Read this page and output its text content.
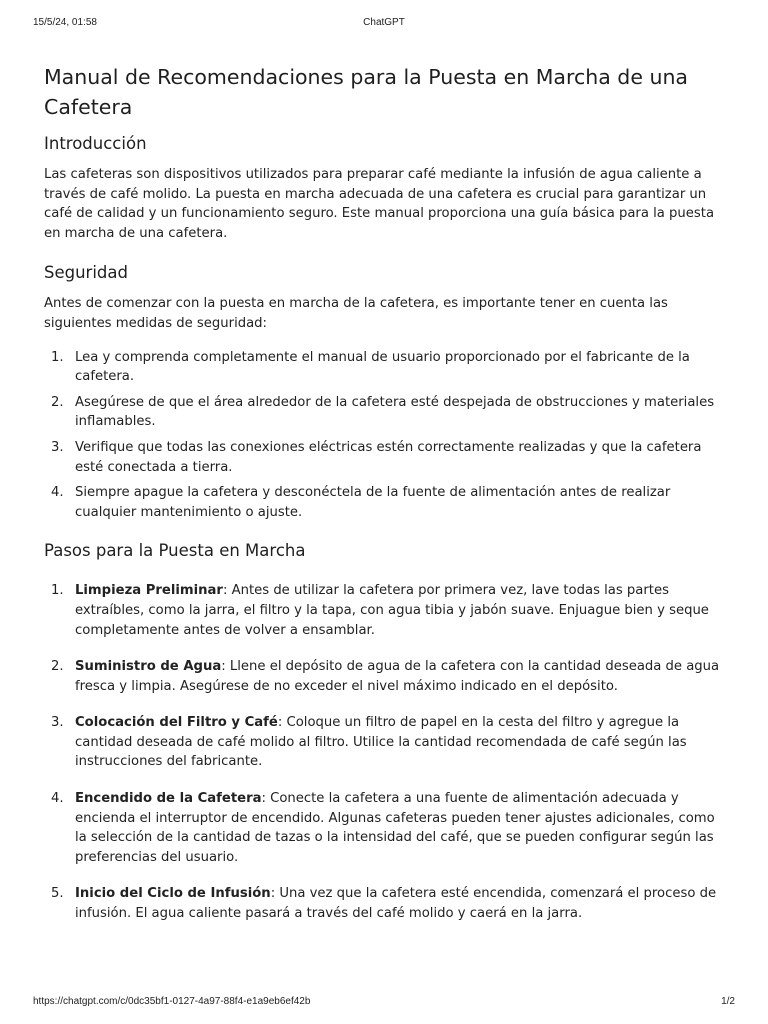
15/5/24, 01:58	ChatGPT
Manual de Recomendaciones para la Puesta en Marcha de una Cafetera
Introducción

Las cafeteras son dispositivos utilizados para preparar café mediante la infusión de agua caliente a través de café molido. La puesta en marcha adecuada de una cafetera es crucial para garantizar un café de calidad y un funcionamiento seguro. Este manual proporciona una guía básica para la puesta en marcha de una cafetera.

Seguridad

Antes de comenzar con la puesta en marcha de la cafetera, es importante tener en cuenta las siguientes medidas de seguridad:

1. Lea y comprenda completamente el manual de usuario proporcionado por el fabricante de la cafetera.
2. Asegúrese de que el área alrededor de la cafetera esté despejada de obstrucciones y materiales inflamables.
3. Verifique que todas las conexiones eléctricas estén correctamente realizadas y que la cafetera esté conectada a tierra.
4. Siempre apague la cafetera y desconéctela de la fuente de alimentación antes de realizar cualquier mantenimiento o ajuste.
Pasos para la Puesta en Marcha
1. Limpieza Preliminar: Antes de utilizar la cafetera por primera vez, lave todas las partes extraíbles, como la jarra, el filtro y la tapa, con agua tibia y jabón suave. Enjuague bien y seque completamente antes de volver a ensamblar.
2. Suministro de Agua: Llene el depósito de agua de la cafetera con la cantidad deseada de agua fresca y limpia. Asegúrese de no exceder el nivel máximo indicado en el depósito.
3. Colocación del Filtro y Café: Coloque un filtro de papel en la cesta del filtro y agregue la cantidad deseada de café molido al filtro. Utilice la cantidad recomendada de café según las instrucciones del fabricante.
4. Encendido de la Cafetera: Conecte la cafetera a una fuente de alimentación adecuada y encienda el interruptor de encendido. Algunas cafeteras pueden tener ajustes adicionales, como la selección de la cantidad de tazas o la intensidad del café, que se pueden configurar según las preferencias del usuario.
5. Inicio del Ciclo de Infusión: Una vez que la cafetera esté encendida, comenzará el proceso de infusión. El agua caliente pasará a través del café molido y caerá en la jarra.
https://chatgpt.com/c/0dc35bf1-0127-4a97-88f4-e1a9eb6ef42b	1/2
